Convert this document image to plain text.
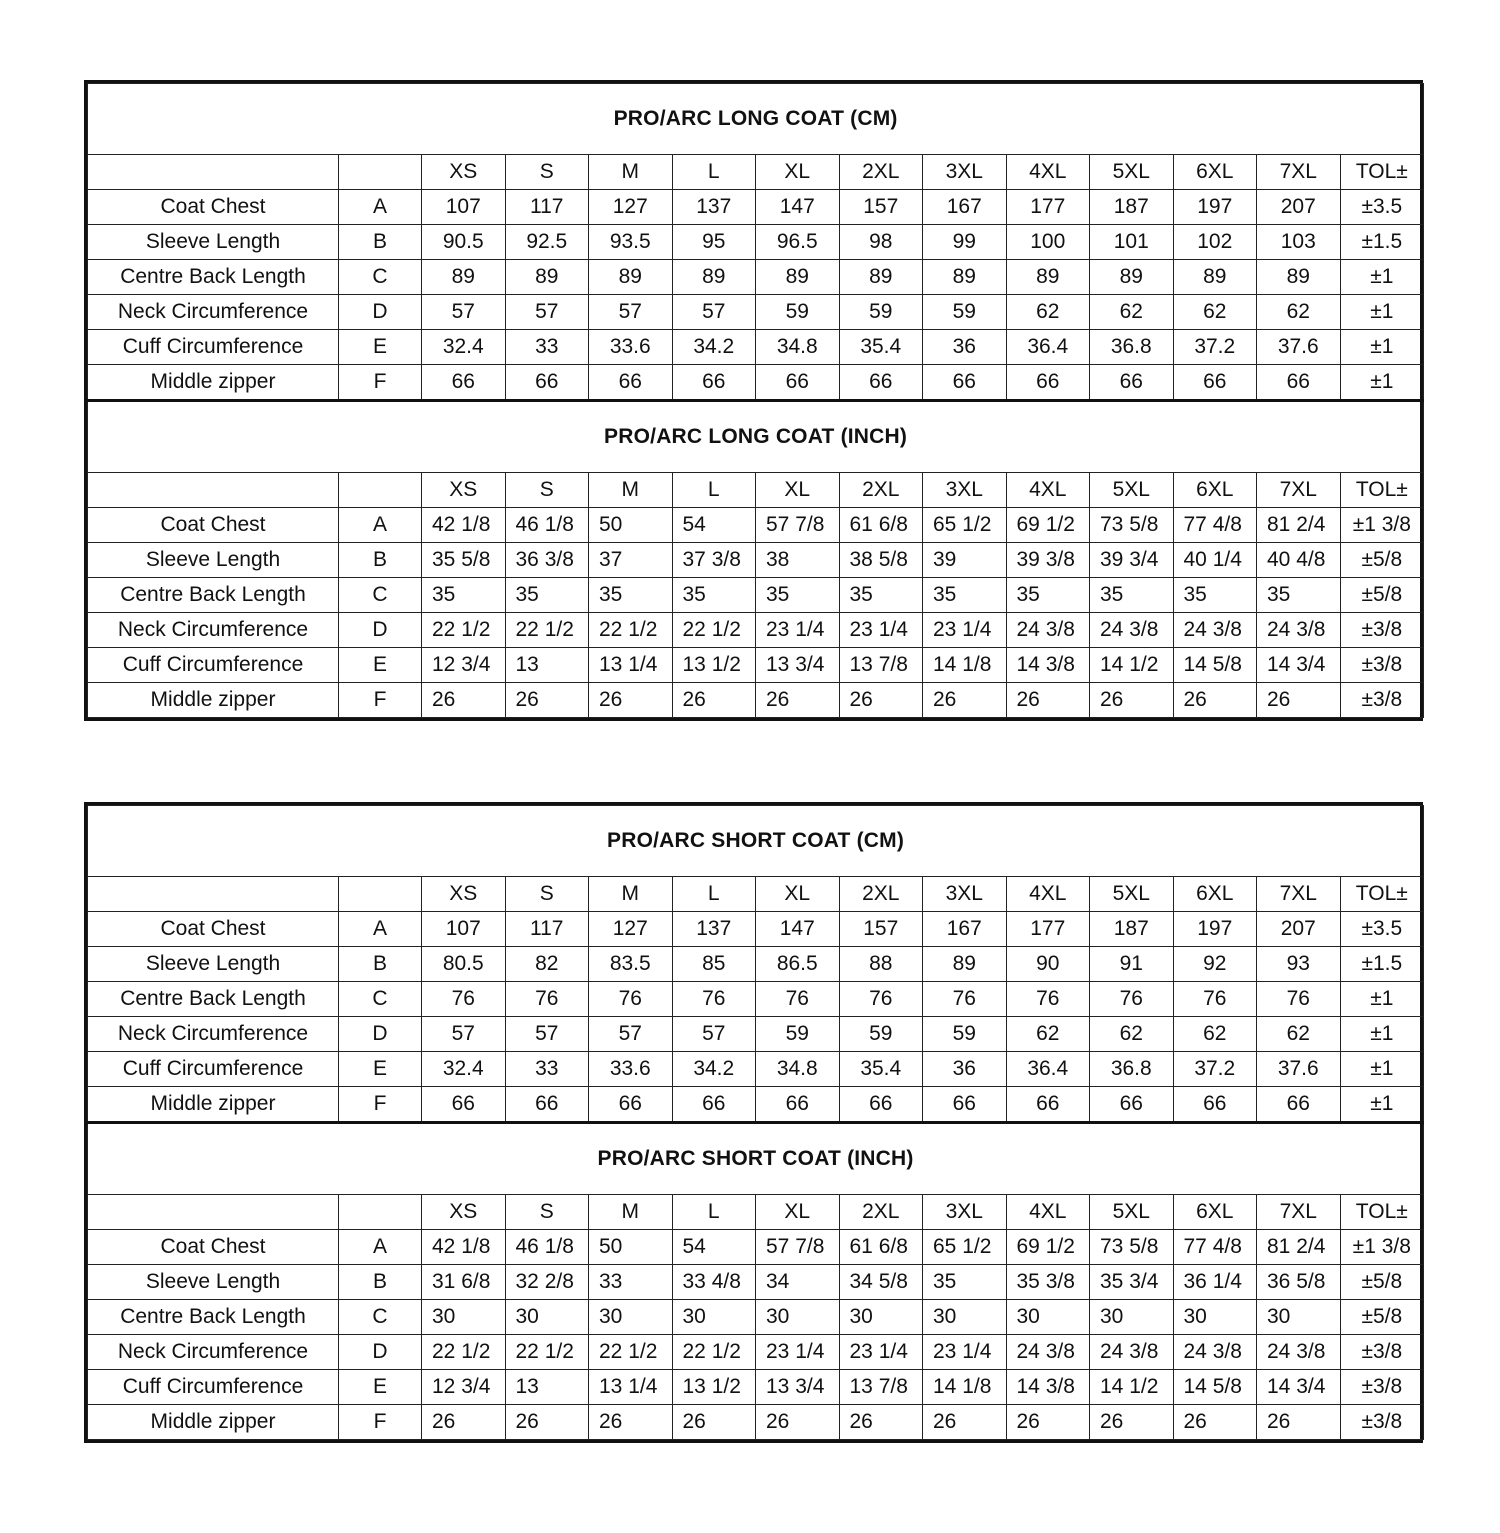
PRO/ARC LONG COAT (CM)													
		XS	S	M	L	XL	2XL	3XL	4XL	5XL	6XL	7XL	TOL±
Coat Chest	A	107	117	127	137	147	157	167	177	187	197	207	±3.5
Sleeve Length	B	90.5	92.5	93.5	95	96.5	98	99	100	101	102	103	±1.5
Centre Back Length	C	89	89	89	89	89	89	89	89	89	89	89	±1
Neck Circumference	D	57	57	57	57	59	59	59	62	62	62	62	±1
Cuff Circumference	E	32.4	33	33.6	34.2	34.8	35.4	36	36.4	36.8	37.2	37.6	±1
Middle zipper	F	66	66	66	66	66	66	66	66	66	66	66	±1
PRO/ARC LONG COAT (INCH)													
		XS	S	M	L	XL	2XL	3XL	4XL	5XL	6XL	7XL	TOL±
Coat Chest	A	42 1/8	46 1/8	50	54	57 7/8	61 6/8	65 1/2	69 1/2	73 5/8	77 4/8	81 2/4	±1 3/8
Sleeve Length	B	35 5/8	36 3/8	37	37 3/8	38	38 5/8	39	39 3/8	39 3/4	40 1/4	40 4/8	±5/8
Centre Back Length	C	35	35	35	35	35	35	35	35	35	35	35	±5/8
Neck Circumference	D	22 1/2	22 1/2	22 1/2	22 1/2	23 1/4	23 1/4	23 1/4	24 3/8	24 3/8	24 3/8	24 3/8	±3/8
Cuff Circumference	E	12 3/4	13	13 1/4	13 1/2	13 3/4	13 7/8	14 1/8	14 3/8	14 1/2	14 5/8	14 3/4	±3/8
Middle zipper	F	26	26	26	26	26	26	26	26	26	26	26	±3/8
PRO/ARC SHORT COAT (CM)													
		XS	S	M	L	XL	2XL	3XL	4XL	5XL	6XL	7XL	TOL±
Coat Chest	A	107	117	127	137	147	157	167	177	187	197	207	±3.5
Sleeve Length	B	80.5	82	83.5	85	86.5	88	89	90	91	92	93	±1.5
Centre Back Length	C	76	76	76	76	76	76	76	76	76	76	76	±1
Neck Circumference	D	57	57	57	57	59	59	59	62	62	62	62	±1
Cuff Circumference	E	32.4	33	33.6	34.2	34.8	35.4	36	36.4	36.8	37.2	37.6	±1
Middle zipper	F	66	66	66	66	66	66	66	66	66	66	66	±1
PRO/ARC SHORT COAT (INCH)													
		XS	S	M	L	XL	2XL	3XL	4XL	5XL	6XL	7XL	TOL±
Coat Chest	A	42 1/8	46 1/8	50	54	57 7/8	61 6/8	65 1/2	69 1/2	73 5/8	77 4/8	81 2/4	±1 3/8
Sleeve Length	B	31 6/8	32 2/8	33	33 4/8	34	34 5/8	35	35 3/8	35 3/4	36 1/4	36 5/8	±5/8
Centre Back Length	C	30	30	30	30	30	30	30	30	30	30	30	±5/8
Neck Circumference	D	22 1/2	22 1/2	22 1/2	22 1/2	23 1/4	23 1/4	23 1/4	24 3/8	24 3/8	24 3/8	24 3/8	±3/8
Cuff Circumference	E	12 3/4	13	13 1/4	13 1/2	13 3/4	13 7/8	14 1/8	14 3/8	14 1/2	14 5/8	14 3/4	±3/8
Middle zipper	F	26	26	26	26	26	26	26	26	26	26	26	±3/8
